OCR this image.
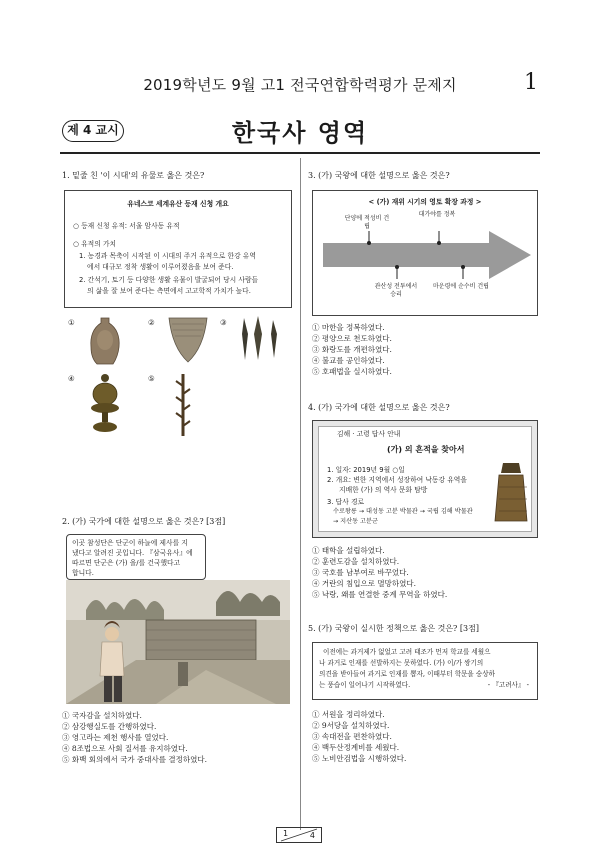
2019학년도 9월 고1 전국연합학력평가 문제지	1
제 4 교시	한국사 영역
1. 밑줄 친 '이 시대'의 유물로 옳은 것은?
유네스코 세계유산 등재 신청 개요
○ 등재 신청 유적: 서울 암사동 유적
○ 유적의 가치
1. 농경과 목축이 시작된 이 시대의 주거 유적으로 한강 유역
에서 대규모 정착 생활이 이루어졌음을 보여 준다.
2. 간석기, 토기 등 다양한 생활 유물이 발굴되어 당시 사람들
의 삶을 잘 보여 준다는 측면에서 고고학적 가치가 높다.
①	②	③
④	⑤
2. (가) 국가에 대한 설명으로 옳은 것은? [3점]
이곳 참성단은 단군이 하늘에 제사를 지
냈다고 알려진 곳입니다. 『삼국유사』에
따르면 단군은 (가) 을/를 건국했다고
합니다.
① 국자감을 설치하였다.
② 삼강행실도를 간행하였다.
③ 영고라는 제천 행사를 열었다.
④ 8조법으로 사회 질서를 유지하였다.
⑤ 화백 회의에서 국가 중대사를 결정하였다.
3. (가) 국왕에 대한 설명으로 옳은 것은?
< (가) 재위 시기의 영토 확장 과정 >
단양에 적성비 건립
대가야를 정복
관산성 전투에서 승리
마운령에 순수비 건립
① 마한을 정복하였다.
② 평양으로 천도하였다.
③ 화랑도를 개편하였다.
④ 불교를 공인하였다.
⑤ 호패법을 실시하였다.
4. (가) 국가에 대한 설명으로 옳은 것은?
김해 · 고령 답사 안내
(가) 의 흔적을 찾아서
1. 일자: 2019년 9월 ○일
2. 개요: 변한 지역에서 성장하여 낙동강 유역을
지배한 (가) 의 역사 문화 탐방
3. 답사 경로
수로왕릉 → 대성동 고분 박물관 → 국립 김해 박물관
→ 지산동 고분군
① 태학을 설립하였다.
② 훈련도감을 설치하였다.
③ 국호를 남부여로 바꾸었다.
④ 거란의 침입으로 멸망하였다.
⑤ 낙랑, 왜를 연결한 중계 무역을 하였다.
5. (가) 국왕이 실시한 정책으로 옳은 것은? [3점]
이전에는 과거제가 없었고 고려 태조가 먼저 학교를 세웠으
나 과거로 인재를 선발하지는 못하였다. (가) 이/가 쌍기의
의견을 받아들여 과거로 인재를 뽑자, 이때부터 학문을 숭상하
는 풍습이 일어나기 시작하였다.	- 『고려사』 -
① 서원을 정리하였다.
② 9서당을 설치하였다.
③ 속대전을 편찬하였다.
④ 백두산정계비를 세웠다.
⑤ 노비안검법을 시행하였다.
1	4
